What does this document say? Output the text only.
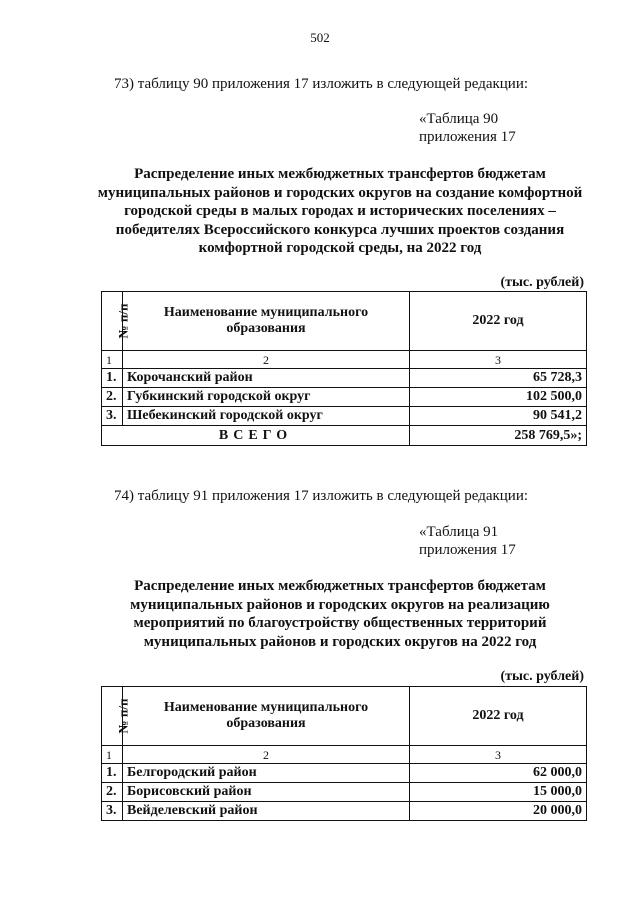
502
73) таблицу 90 приложения 17 изложить в следующей редакции:
«Таблица 90
приложения 17
Распределение иных межбюджетных трансфертов бюджетам муниципальных районов и городских округов на создание комфортной городской среды в малых городах и исторических поселениях – победителях Всероссийского конкурса лучших проектов создания комфортной городской среды, на 2022 год
(тыс. рублей)
№ п/п	Наименование муниципального образования	2022 год
1	2	3
1.	Корочанский район	65 728,3
2.	Губкинский городской округ	102 500,0
3.	Шебекинский городской округ	90 541,2
ВСЕГО		258 769,5»;
74) таблицу 91 приложения 17 изложить в следующей редакции:
«Таблица 91
приложения 17
Распределение иных межбюджетных трансфертов бюджетам муниципальных районов и городских округов на реализацию мероприятий по благоустройству общественных территорий муниципальных районов и городских округов на 2022 год
(тыс. рублей)
№ п/п	Наименование муниципального образования	2022 год
1	2	3
1.	Белгородский район	62 000,0
2.	Борисовский район	15 000,0
3.	Вейделевский район	20 000,0
